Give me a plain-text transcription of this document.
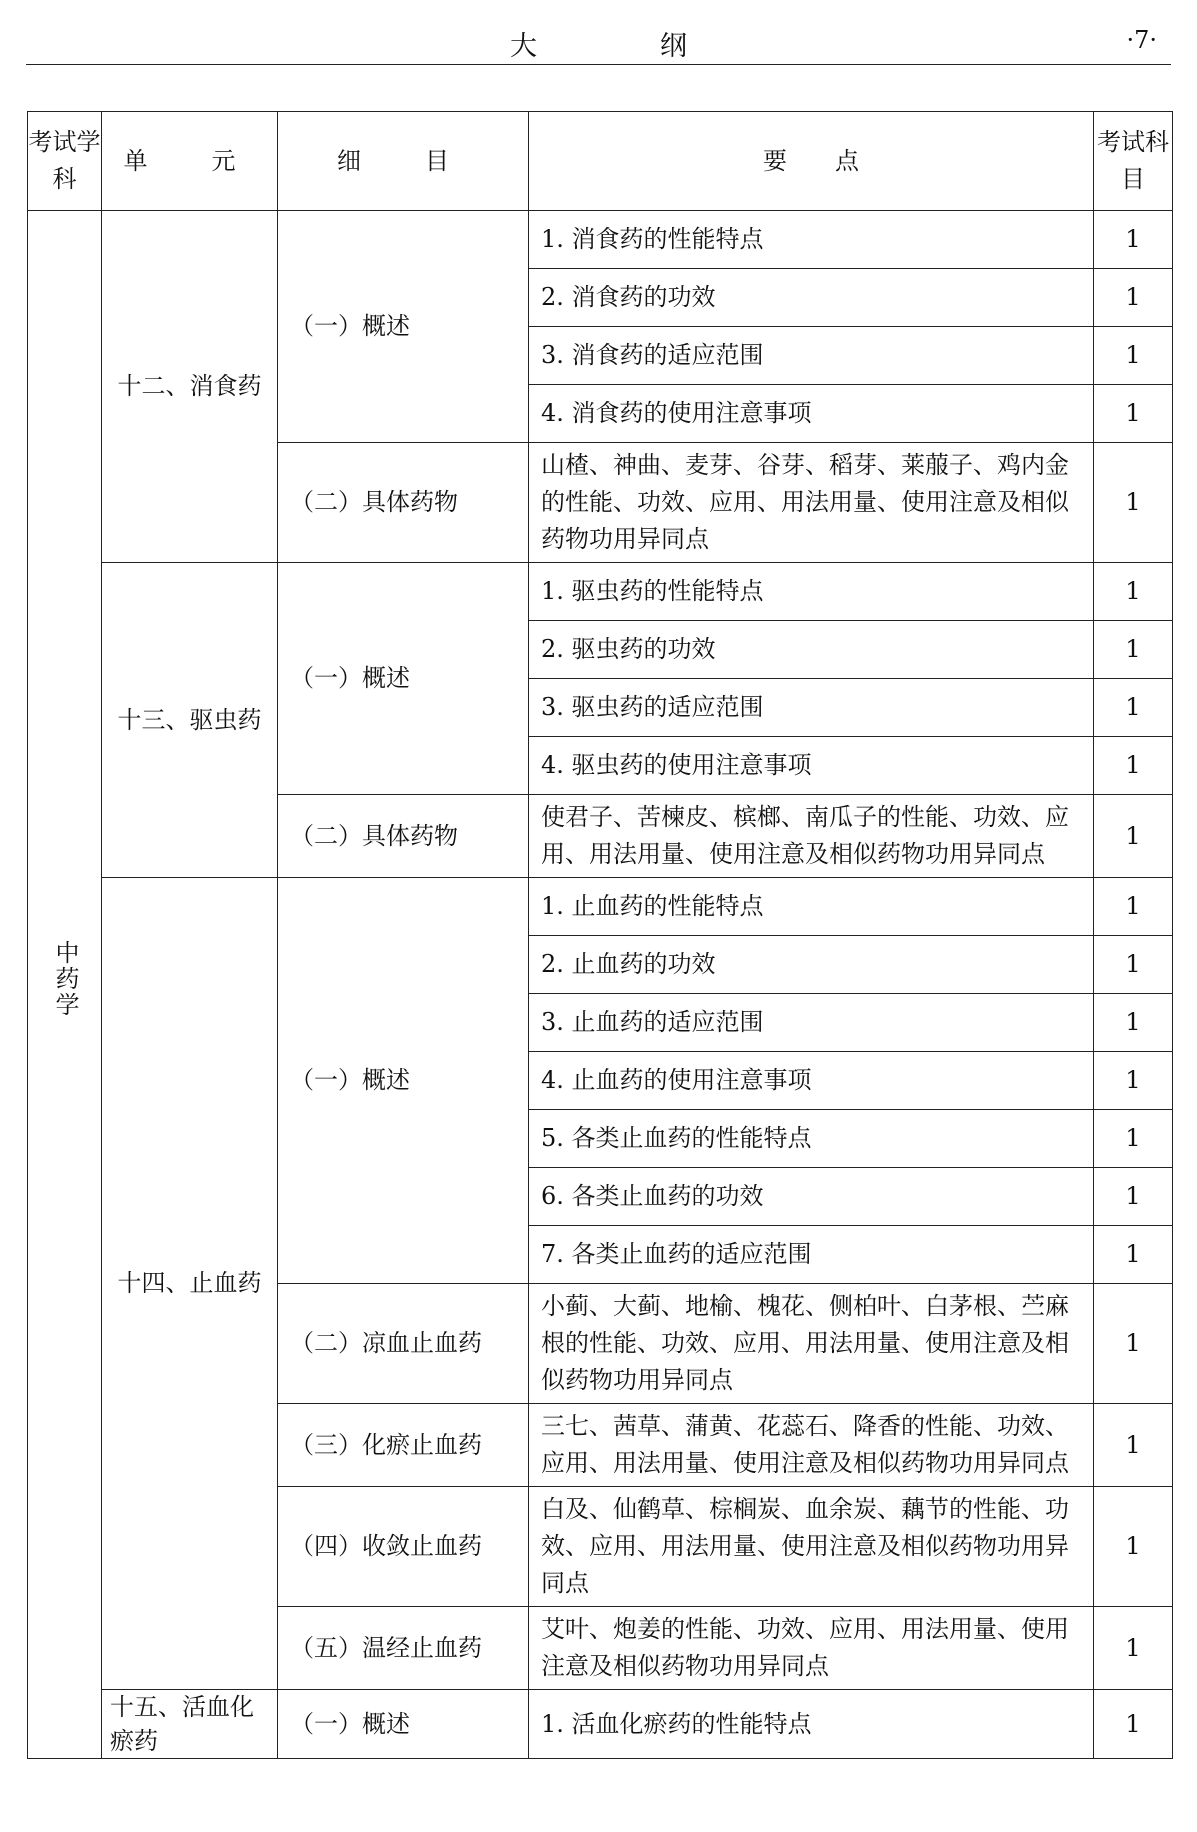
大　纲	·7·
考试学科	单　元	细　目	要　　点	考试科目
中药学	十二、消食药	（一）概述	1. 消食药的性能特点	1
			2. 消食药的功效	1
			3. 消食药的适应范围	1
			4. 消食药的使用注意事项	1
		（二）具体药物	山楂、神曲、麦芽、谷芽、稻芽、莱菔子、鸡内金的性能、功效、应用、用法用量、使用注意及相似药物功用异同点	1
	十三、驱虫药	（一）概述	1. 驱虫药的性能特点	1
			2. 驱虫药的功效	1
			3. 驱虫药的适应范围	1
			4. 驱虫药的使用注意事项	1
		（二）具体药物	使君子、苦楝皮、槟榔、南瓜子的性能、功效、应用、用法用量、使用注意及相似药物功用异同点	1
	十四、止血药	（一）概述	1. 止血药的性能特点	1
			2. 止血药的功效	1
			3. 止血药的适应范围	1
			4. 止血药的使用注意事项	1
			5. 各类止血药的性能特点	1
			6. 各类止血药的功效	1
			7. 各类止血药的适应范围	1
		（二）凉血止血药	小蓟、大蓟、地榆、槐花、侧柏叶、白茅根、苎麻根的性能、功效、应用、用法用量、使用注意及相似药物功用异同点	1
		（三）化瘀止血药	三七、茜草、蒲黄、花蕊石、降香的性能、功效、应用、用法用量、使用注意及相似药物功用异同点	1
		（四）收敛止血药	白及、仙鹤草、棕榈炭、血余炭、藕节的性能、功效、应用、用法用量、使用注意及相似药物功用异同点	1
		（五）温经止血药	艾叶、炮姜的性能、功效、应用、用法用量、使用注意及相似药物功用异同点	1
	十五、活血化瘀药	（一）概述	1. 活血化瘀药的性能特点	1
